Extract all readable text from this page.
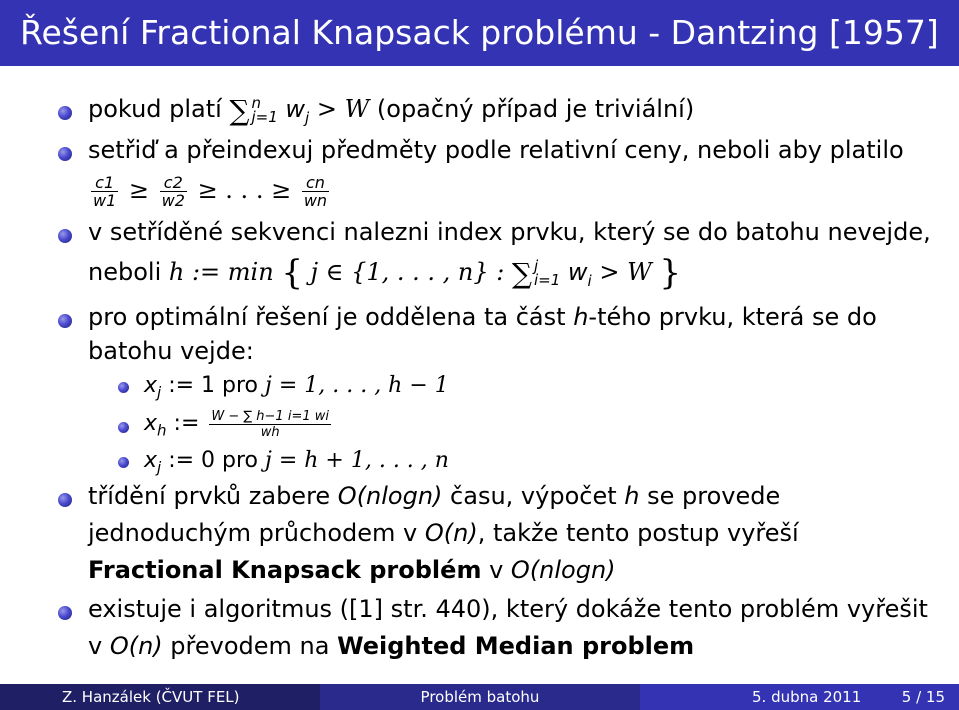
Řešení Fractional Knapsack problému - Dantzing [1957]
pokud platí ∑ n
j=1 $w_j > W$ (opačný případ je triviální)
setřiď a přeindexuj předměty podle relativní ceny, neboli aby platilo
$\frac{c1}{w1} \ge \frac{c2}{w2}$ ≥ . . . ≥ $\frac{cn}{wn}$
v setříděné sekvenci nalezni index prvku, který se do batohu nevejde,
neboli h := min { j ∈ {1, . . . , n} : ∑ j
i=1 $w_i > W$ }
pro optimální řešení je oddělena ta část h-tého prvku, která se do
batohu vejde:
$x_j$ := 1 pro j = 1, . . . , h − 1
$x_h$ := $\frac{W - \sum h-1 i=1 wi}{wh}$
$x_j$ := 0 pro j = h + 1, . . . , n
třídění prvků zabere O(nlogn) času, výpočet h se provede
jednoduchým průchodem v O(n), takže tento postup vyřeší
Fractional Knapsack problém v O(nlogn)
existuje i algoritmus ([1] str. 440), který dokáže tento problém vyřešit
v O(n) převodem na Weighted Median problem
Z. Hanzálek (ČVUT FEL)	Problém batohu	5. dubna 2011	5 / 15
